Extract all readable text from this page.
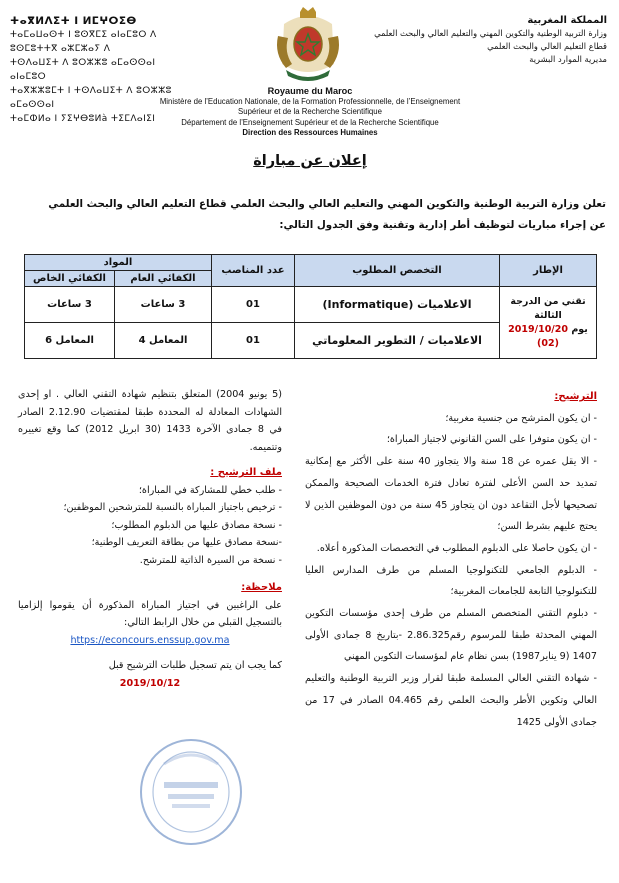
ⵜⴰⴳⵍⴷⵉⵜ ⵏ ⵍⵎⵖⵔⵉⴱ
ⵜⴰⵎⴰⵡⴰⵙⵜ ⵏ ⵓⵙⴳⵎⵉ ⴰⵏⴰⵎⵓⵔ ⴷ ⵓⵙⵎⵓⵜⵜⴳ ⴰⵣⵎⵣⴰⵢ ⴷ
ⵜⵙⴷⴰⵡⵉⵜ ⴷ ⵓⵔⵣⵣⵓ ⴰⵎⴰⵙⵙⴰⵏ ⴰⵏⴰⵎⵓⵔ
ⵜⴰⴳⵣⵣⵓⵎⵜ ⵏ ⵜⵙⴷⴰⵡⵉⵜ ⴷ ⵓⵔⵣⵣⵓ ⴰⵎⴰⵙⵙⴰⵏ
ⵜⴰⵎⵀⵍⴰ ⵏ ⵢⵉⵖⴱⵓⵍà ⵜⵉⵎⴷⴰⵏⵉⵏ
المملكة المغربية
وزارة التربية الوطنية والتكوين المهني والتعليم العالي والبحث العلمي
قطاع التعليم العالي والبحث العلمي
مديرية الموارد البشرية
Royaume du Maroc
Ministère de l’Education Nationale, de la Formation Professionnelle, de l’Enseignement
Supérieur et de la Recherche Scientifique
Département de l’Enseignement Supérieur et de la Recherche Scientifique
Direction des Ressources Humaines
إعلان عن مباراة
تعلن وزارة التربية الوطنية والتكوين المهني والتعليم العالي والبحث العلمي قطاع التعليم العالي والبحث العلمي عن إجراء مباريات لتوظيف أطر إدارية وتقنية وفق الجدول التالي:
الإطار	التخصص المطلوب	عدد المناصب	المواد	
			الكفائي العام	الكفائي الخاص

تقني من الدرجة الثالثة
يوم 2019/10/20
(02)	الاعلاميات (Informatique)	01	3 ساعات	3 ساعات
	الاعلاميات / التطوير المعلوماتي	01	المعامل 4	المعامل 6

الترشيح:

- ان يكون المترشح من جنسية مغربية؛

- ان يكون متوفرا على السن القانوني لاجتياز المباراة؛

- الا يقل عمره عن 18 سنة والا يتجاوز 40 سنة على الأكثر مع إمكانية تمديد حد السن الأعلى لفترة تعادل فترة الخدمات الصحيحة والممكن تصحيحها لأجل التقاعد دون ان يتجاوز 45 سنة من دون الموظفين الذين لا يحتج عليهم بشرط السن؛

- ان يكون حاصلا على الدبلوم المطلوب في التخصصات المذكورة أعلاه.

- الدبلوم الجامعي للتكنولوجيا المسلم من طرف المدارس العليا للتكنولوجيا التابعة للجامعات المغربية؛

- دبلوم التقني المتخصص المسلم من طرف إحدى مؤسسات التكوين المهني المحدثة طبقا للمرسوم رقم2.86.325 -بتاريخ 8 جمادى الأولى 1407 (9 يناير1987) بسن نظام عام لمؤسسات التكوين المهني

- شهادة التقني العالي المسلمة طبقا لقرار وزير التربية الوطنية والتعليم العالي وتكوين الأطر والبحث العلمي رقم 04.465 الصادر في 17 من جمادى الأولى 1425

(5 يونيو 2004) المتعلق بتنظيم شهادة التقني العالي . او إحدى الشهادات المعادلة له المحددة طبقا لمقتضيات 2.12.90 الصادر في 8 جمادى الآخرة 1433 (30 ابريل 2012) كما وقع تغييره وتتميمه.

ملف الترشيح :

- طلب خطي للمشاركة في المباراة؛

- ترخيص باجتياز المباراة بالنسبة للمترشحين الموظفين؛

- نسخة مصادق عليها من الدبلوم المطلوب؛

-نسخة مصادق عليها من بطاقة التعريف الوطنية؛

- نسخة من السيرة الذاتية للمترشح.

ملاحظة:

على الراغبين في اجتياز المباراة المذكورة أن يقوموا إلزاميا بالتسجيل القبلي من خلال الرابط التالي:

https://econcours.enssup.gov.ma

كما يجب ان يتم تسجيل طلبات الترشيح قبل

2019/10/12
